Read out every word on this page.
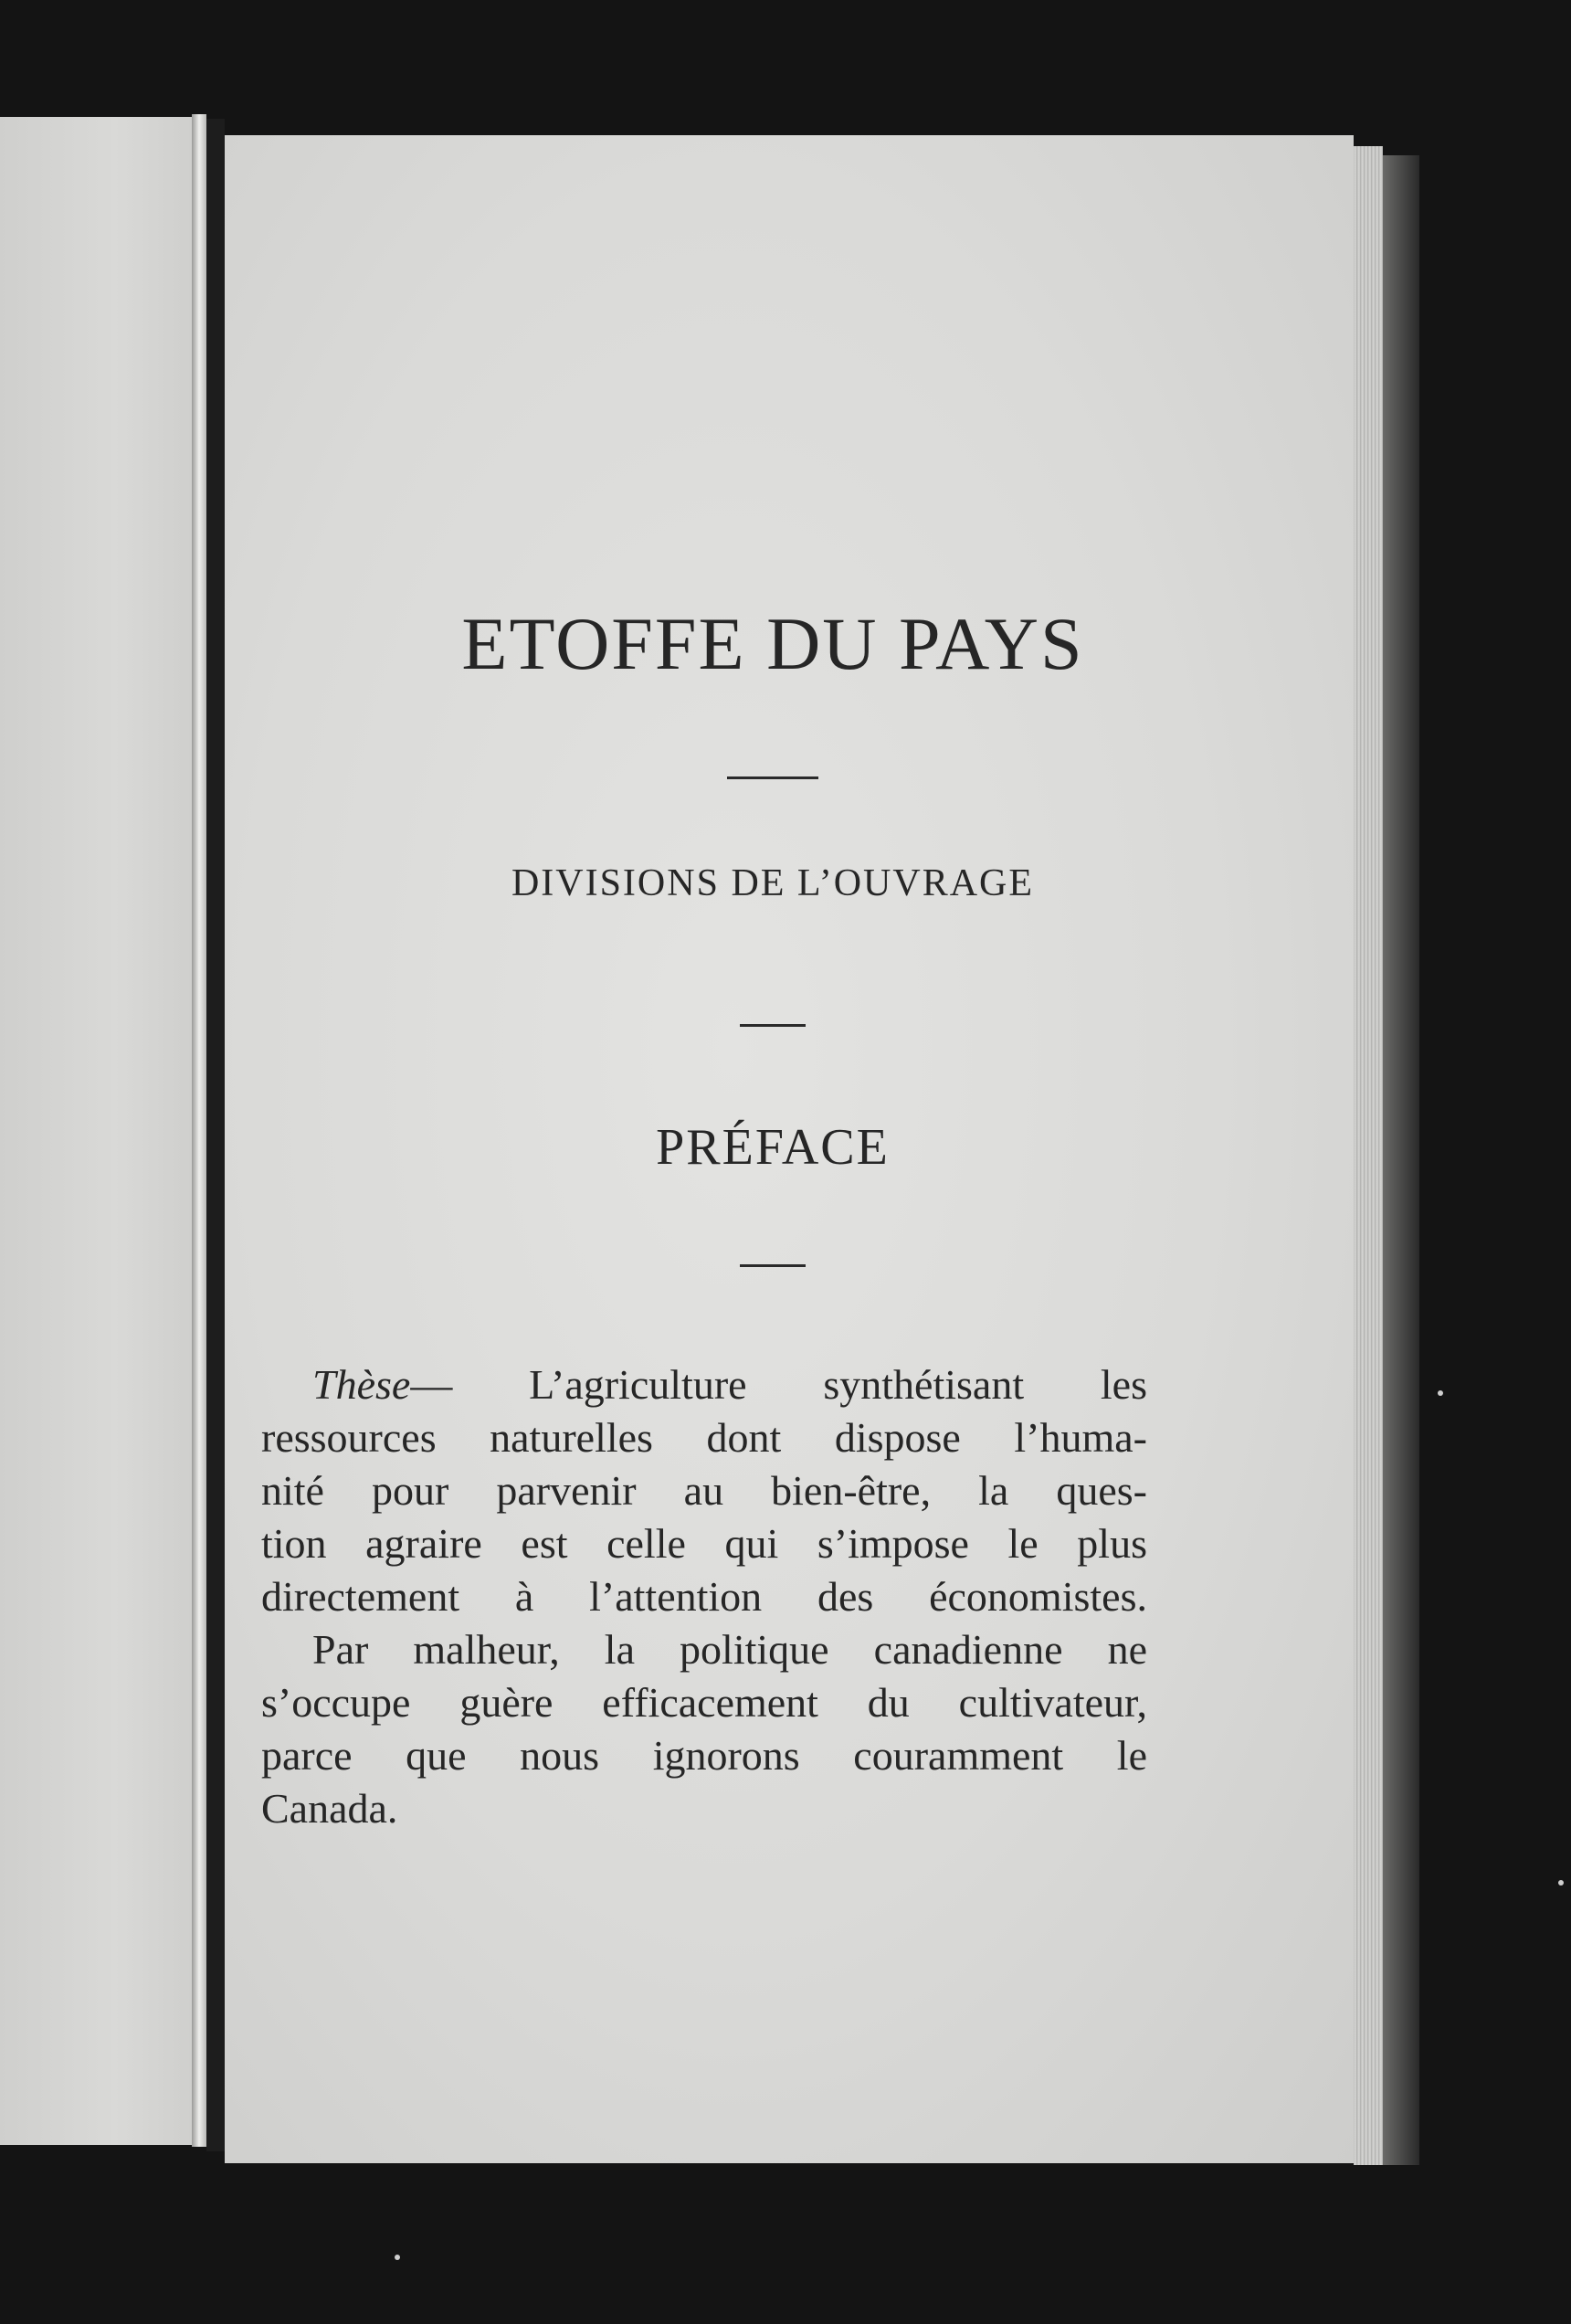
ETOFFE DU PAYS
DIVISIONS DE L’OUVRAGE
PRÉFACE

Thèse— L’agriculture synthétisant les
ressources naturelles dont dispose l’huma-
nité pour parvenir au bien-être, la ques-
tion agraire est celle qui s’impose le plus
directement à l’attention des économistes.

Par malheur, la politique canadienne ne
s’occupe guère efficacement du cultivateur,
parce que nous ignorons couramment le
Canada.
